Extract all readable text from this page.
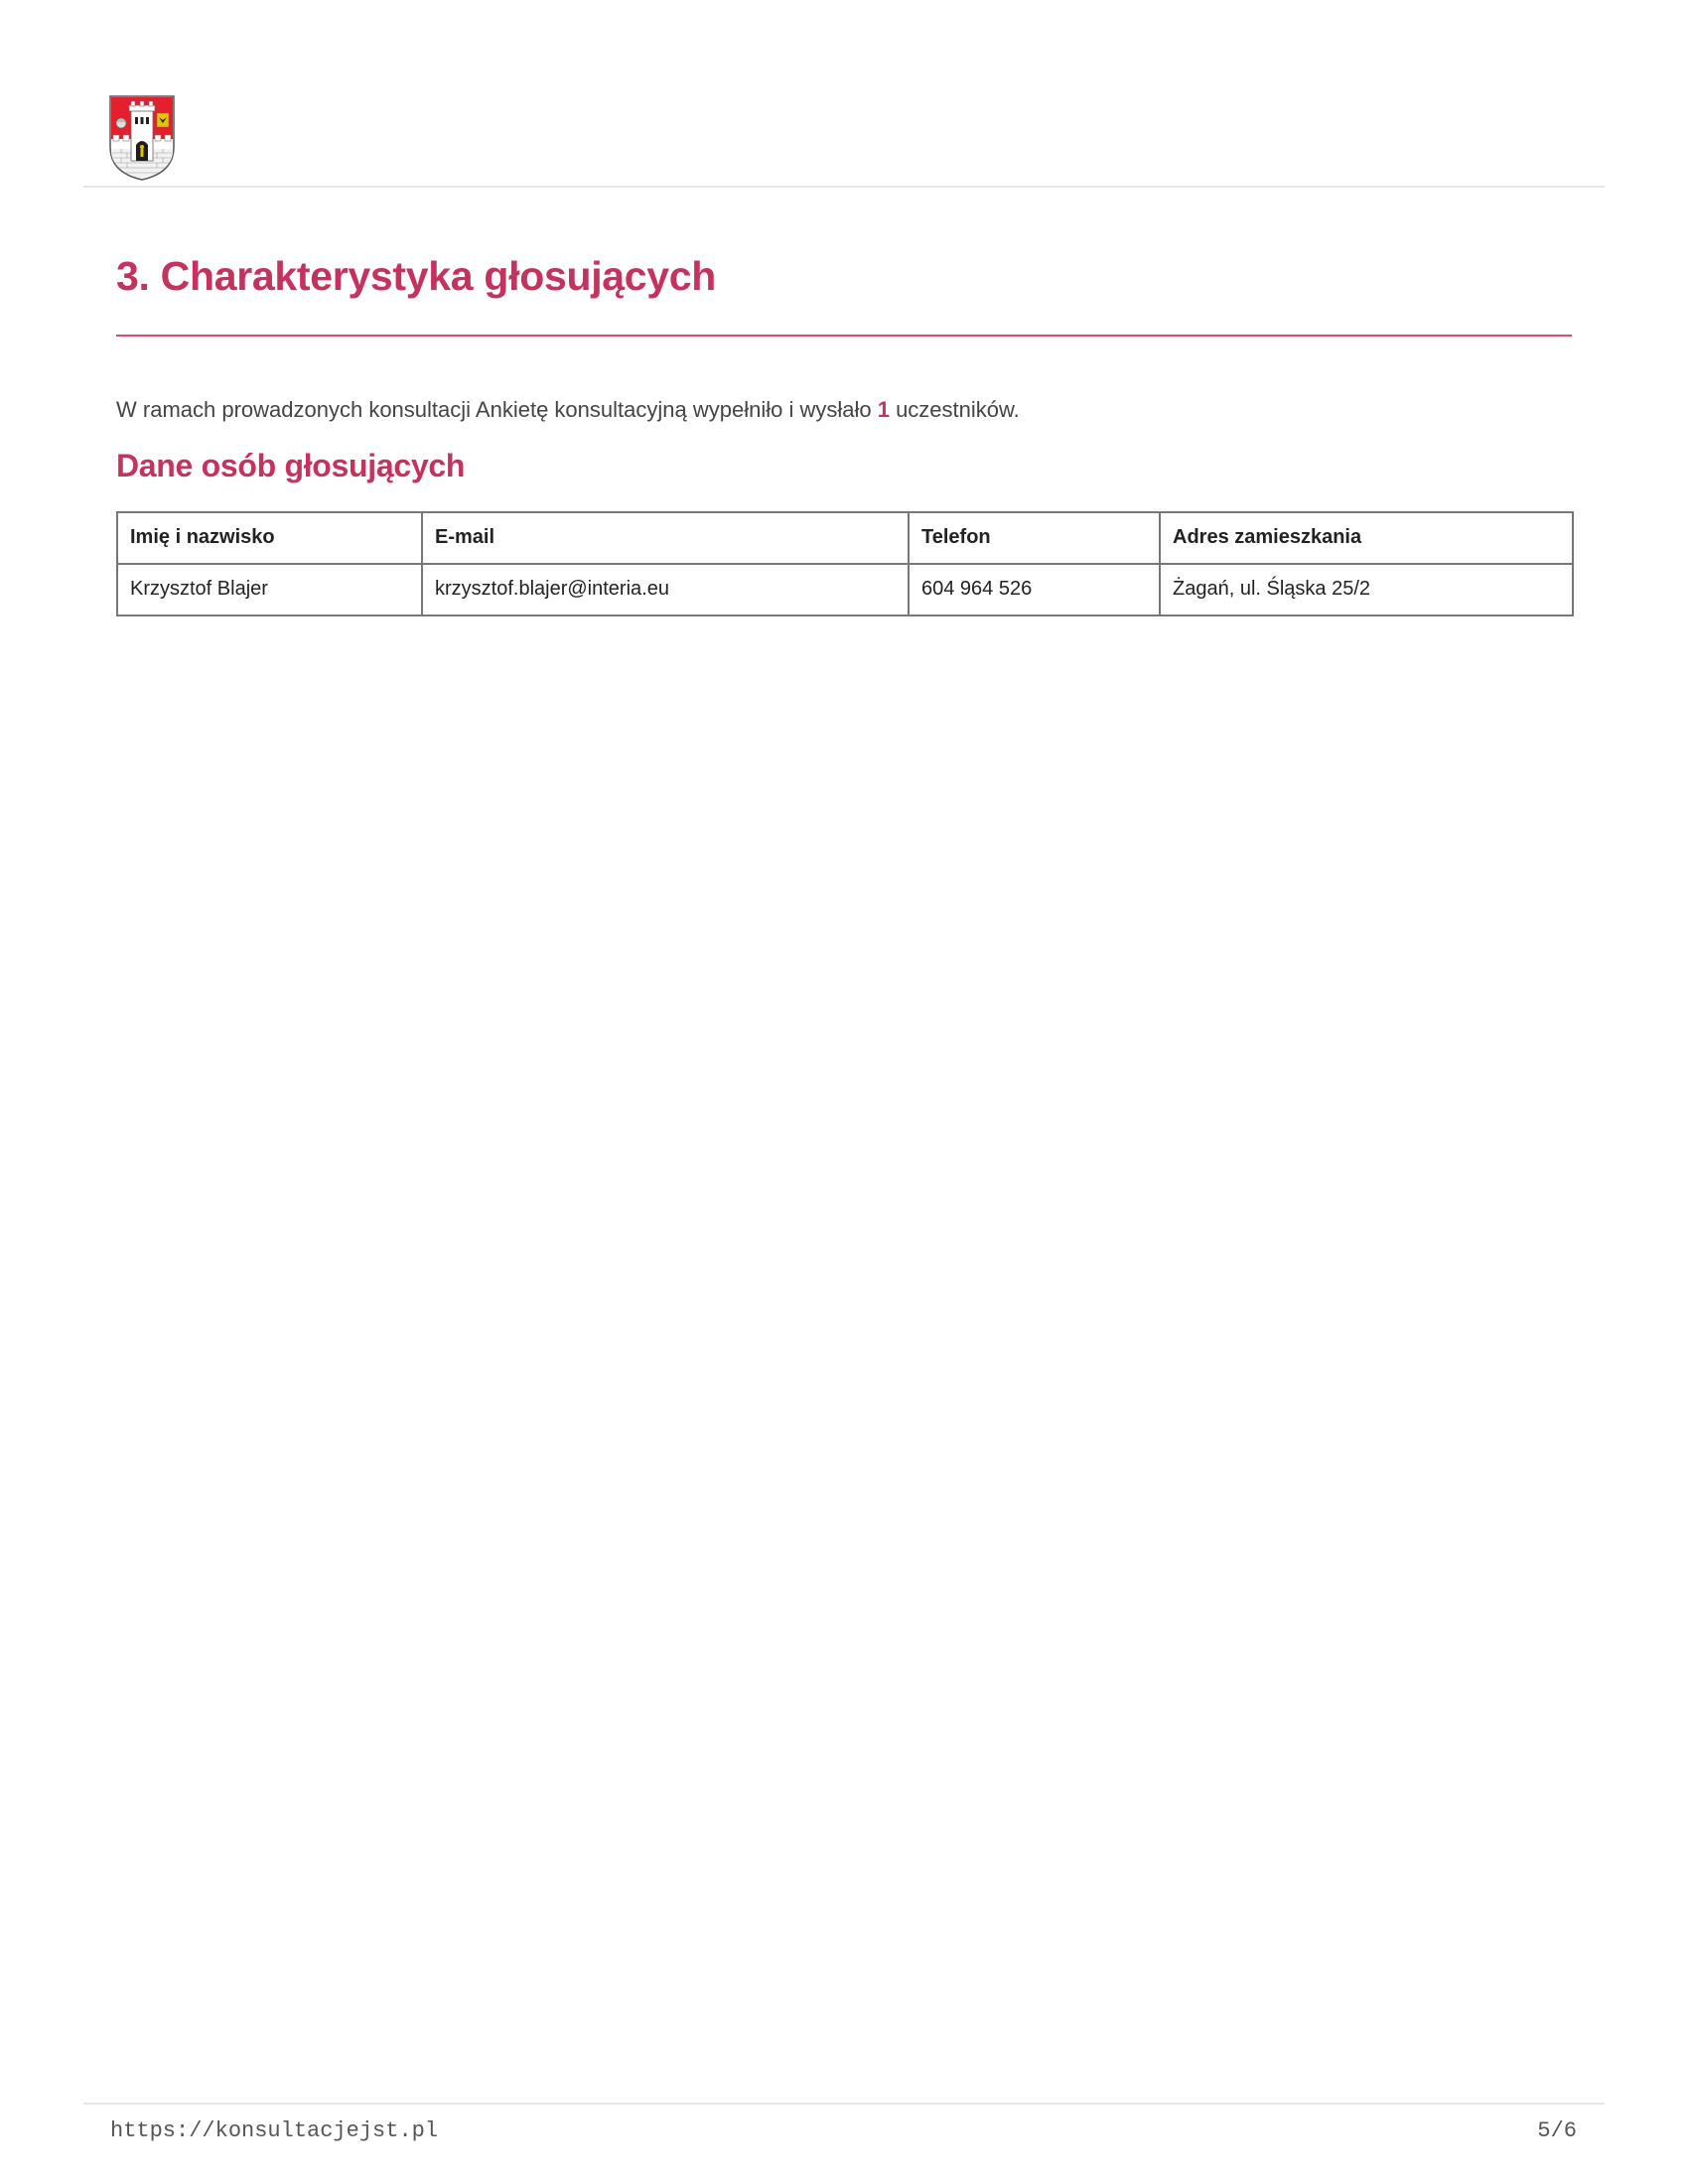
3. Charakterystyka głosujących

W ramach prowadzonych konsultacji Ankietę konsultacyjną wypełniło i wysłało 1 uczestników.

Dane osób głosujących
Imię i nazwisko	E-mail	Telefon	Adres zamieszkania
Krzysztof Blajer	krzysztof.blajer@interia.eu	604 964 526	Żagań, ul. Śląska 25/2
https://konsultacjejst.pl	5/6
